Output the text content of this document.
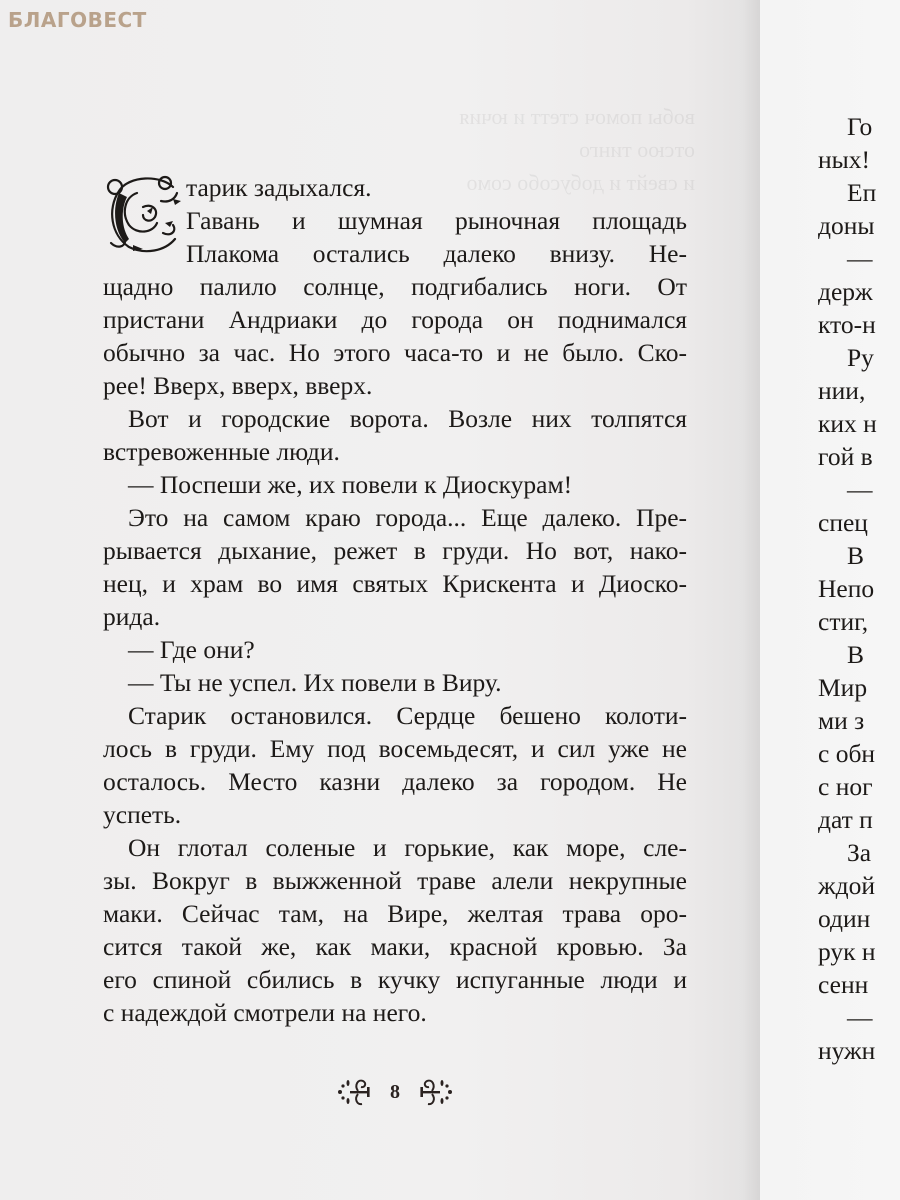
БЛАГОВЕСТ
вобы помоч стетт и ючия
отсюо тинго
и свейт и добусобо сомо
тарик задыхался.
Гавань и шумная рыночная площадь
Плакома остались далеко внизу. Не-
щадно палило солнце, подгибались ноги. От
пристани Андриаки до города он поднимался
обычно за час. Но этого часа-то и не было. Ско-
рее! Вверх, вверх, вверх.
Вот и городские ворота. Возле них толпятся
встревоженные люди.
— Поспеши же, их повели к Диоскурам!
Это на самом краю города... Еще далеко. Пре-
рывается дыхание, режет в груди. Но вот, нако-
нец, и храм во имя святых Крискента и Диоско-
рида.
— Где они?
— Ты не успел. Их повели в Виру.
Старик остановился. Сердце бешено колоти-
лось в груди. Ему под восемьдесят, и сил уже не
осталось. Место казни далеко за городом. Не
успеть.
Он глотал соленые и горькие, как море, сле-
зы. Вокруг в выжженной траве алели некрупные
маки. Сейчас там, на Вире, желтая трава оро-
сится такой же, как маки, красной кровью. За
его спиной сбились в кучку испуганные люди и
с надеждой смотрели на него.
8
Го
ных!
Еп
доны
—
держ
кто-н
Ру
нии,
ких н
гой в
—
спец
В
Непо
стиг,
В
Мир
ми з
с обн
с ног
дат п
За
ждой
один
рук н
сенн
—
нужн
